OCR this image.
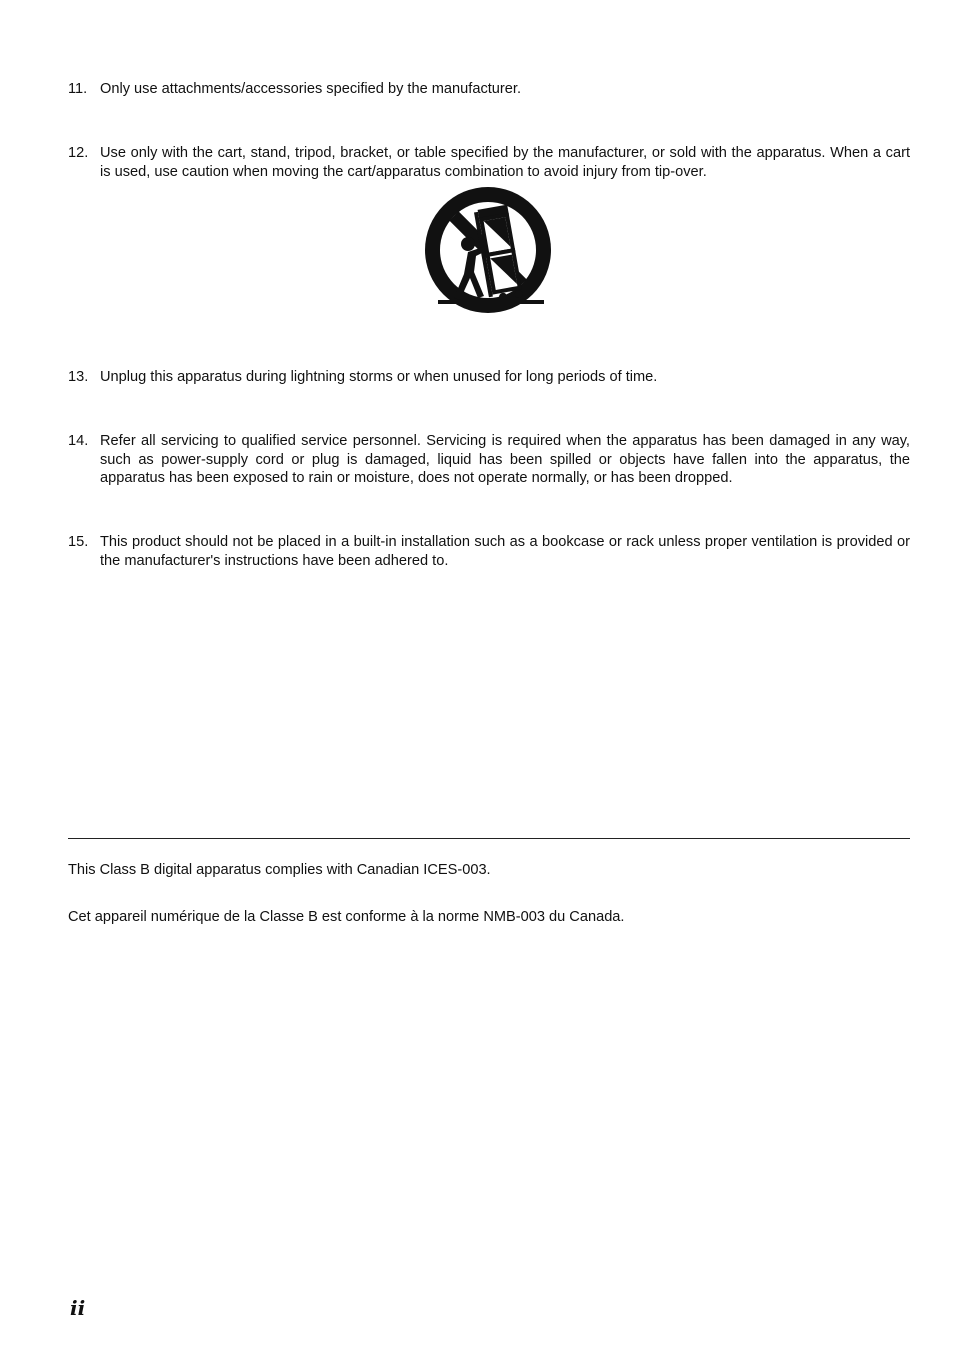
11. Only use attachments/accessories specified by the manufacturer.
12. Use only with the cart, stand, tripod, bracket, or table specified by the manufacturer, or sold with the apparatus. When a cart is used, use caution when moving the cart/apparatus combination to avoid injury from tip-over.
13. Unplug this apparatus during lightning storms or when unused for long periods of time.
14. Refer all servicing to qualified service personnel. Servicing is required when the apparatus has been damaged in any way, such as power-supply cord or plug is damaged, liquid has been spilled or objects have fallen into the apparatus, the apparatus has been exposed to rain or moisture, does not operate normally, or has been dropped.
15. This product should not be placed in a built-in installation such as a bookcase or rack unless proper ventilation is provided or the manufacturer's instructions have been adhered to.
This Class B digital apparatus complies with Canadian ICES-003.
Cet appareil numérique de la Classe B est conforme à la norme NMB-003 du Canada.
ii
